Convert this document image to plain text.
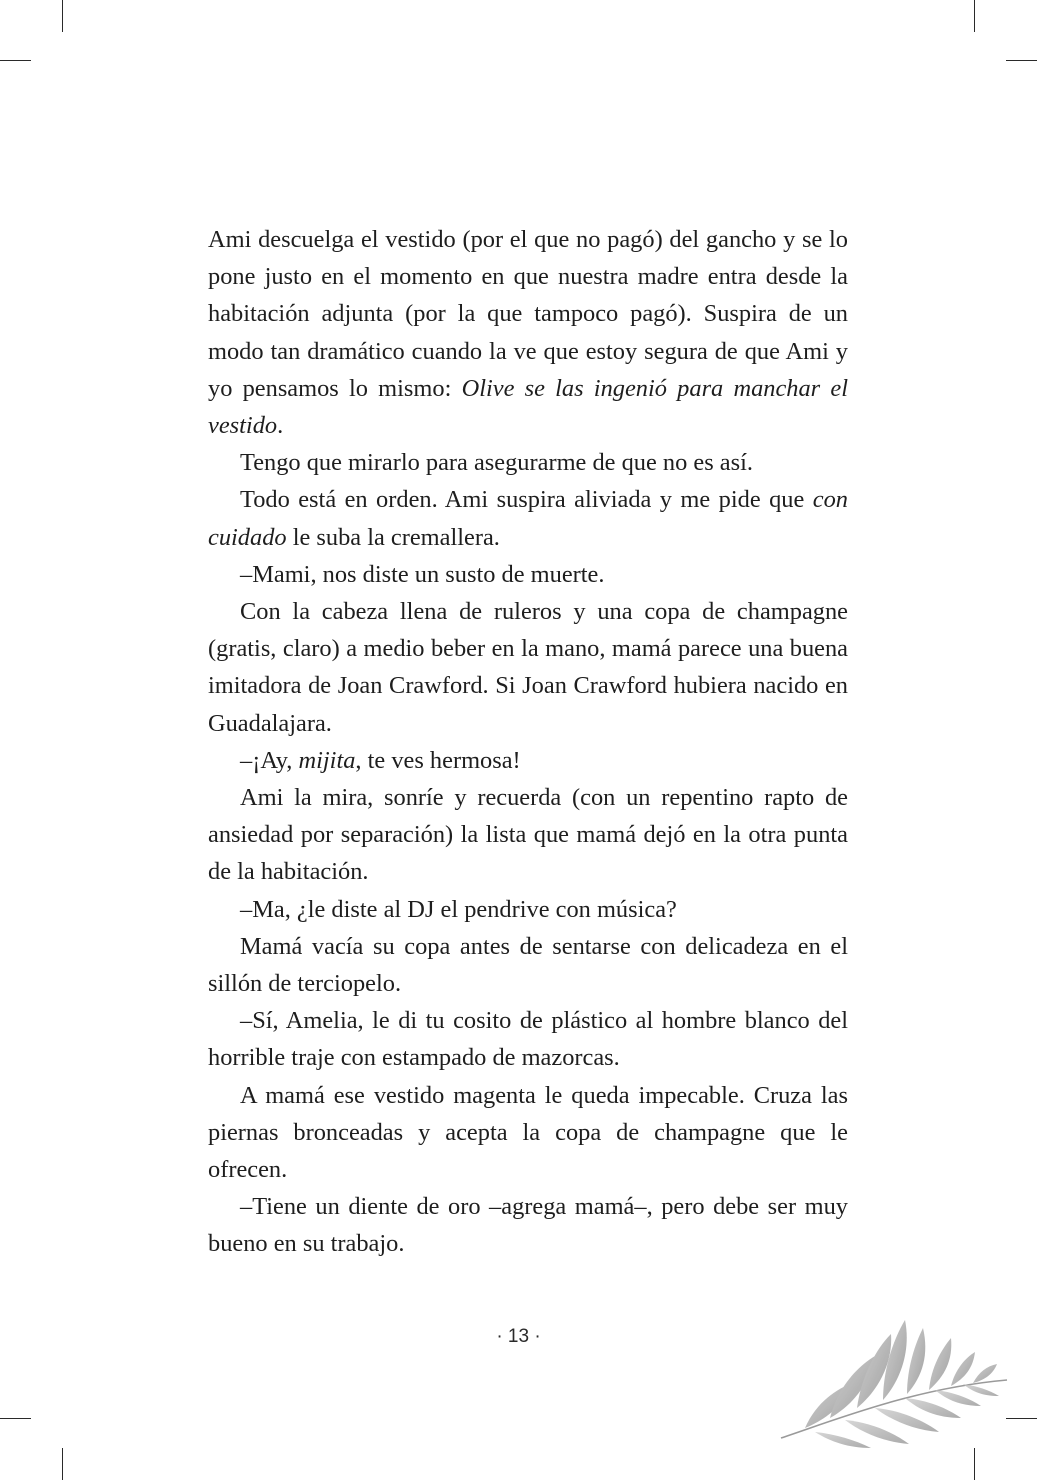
Ami descuelga el vestido (por el que no pagó) del gancho y se lo pone justo en el momento en que nuestra madre entra desde la habitación adjunta (por la que tampoco pagó). Suspira de un modo tan dramático cuando la ve que estoy segura de que Ami y yo pensamos lo mismo: Olive se las ingenió para manchar el vestido.

Tengo que mirarlo para asegurarme de que no es así.

Todo está en orden. Ami suspira aliviada y me pide que con cuidado le suba la cremallera.

–Mami, nos diste un susto de muerte.

Con la cabeza llena de ruleros y una copa de champagne (gratis, claro) a medio beber en la mano, mamá parece una buena imitadora de Joan Crawford. Si Joan Crawford hubiera nacido en Guadalajara.

–¡Ay, mijita, te ves hermosa!

Ami la mira, sonríe y recuerda (con un repentino rapto de ansiedad por separación) la lista que mamá dejó en la otra punta de la habitación.

–Ma, ¿le diste al DJ el pendrive con música?

Mamá vacía su copa antes de sentarse con delicadeza en el sillón de terciopelo.

–Sí, Amelia, le di tu cosito de plástico al hombre blanco del horrible traje con estampado de mazorcas.

A mamá ese vestido magenta le queda impecable. Cruza las piernas bronceadas y acepta la copa de champagne que le ofrecen.

–Tiene un diente de oro –agrega mamá–, pero debe ser muy bueno en su trabajo.

· 13 ·
